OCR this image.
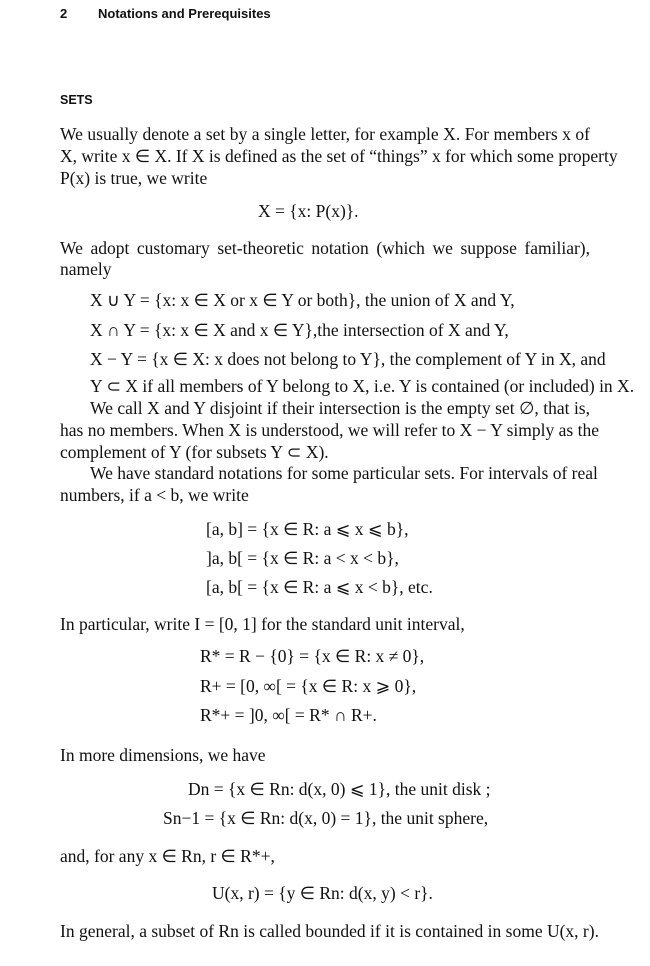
2 Notations and Prerequisites
SETS
We usually denote a set by a single letter, for example X. For members x of
X, write x ∈ X. If X is defined as the set of “things” x for which some property
P(x) is true, we write
X = {x: P(x)}.
We adopt customary set-theoretic notation (which we suppose familiar),
namely
X ∪ Y = {x: x ∈ X or x ∈ Y or both}, the union of X and Y,
X ∩ Y = {x: x ∈ X and x ∈ Y},the intersection of X and Y,
X − Y = {x ∈ X: x does not belong to Y}, the complement of Y in X, and
Y ⊂ X if all members of Y belong to X, i.e. Y is contained (or included) in X.
We call X and Y disjoint if their intersection is the empty set ∅, that is,
has no members. When X is understood, we will refer to X − Y simply as the
complement of Y (for subsets Y ⊂ X).
We have standard notations for some particular sets. For intervals of real
numbers, if a < b, we write
[a, b] = {x ∈ R: a ⩽ x ⩽ b},
]a, b[ = {x ∈ R: a < x < b},
[a, b[ = {x ∈ R: a ⩽ x < b}, etc.
In particular, write I = [0, 1] for the standard unit interval,
R* = R − {0} = {x ∈ R: x ≠ 0},
R+ = [0, ∞[ = {x ∈ R: x ⩾ 0},
R*+ = ]0, ∞[ = R* ∩ R+.
In more dimensions, we have
Dn = {x ∈ Rn: d(x, 0) ⩽ 1}, the unit disk ;
Sn−1 = {x ∈ Rn: d(x, 0) = 1}, the unit sphere,
and, for any x ∈ Rn, r ∈ R*+,
U(x, r) = {y ∈ Rn: d(x, y) < r}.
In general, a subset of Rn is called bounded if it is contained in some U(x, r).
